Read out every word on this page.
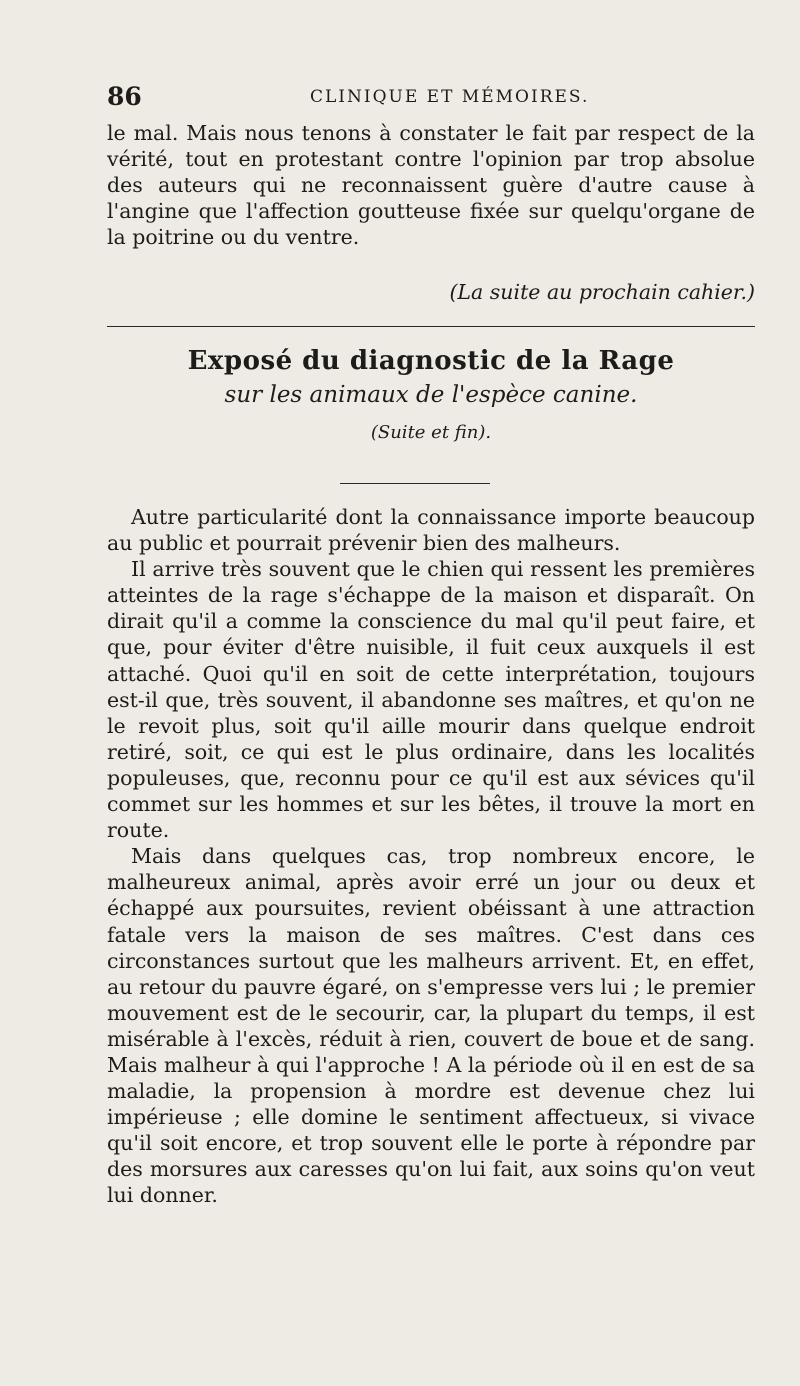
86	CLINIQUE ET MÉMOIRES.

le mal. Mais nous tenons à constater le fait par respect de la vérité, tout en protestant contre l'opinion par trop absolue des auteurs qui ne reconnaissent guère d'autre cause à l'angine que l'affection goutteuse fixée sur quelqu'organe de la poitrine ou du ventre.

(La suite au prochain cahier.)
Exposé du diagnostic de la Rage
sur les animaux de l'espèce canine.
(Suite et fin).

Autre particularité dont la connaissance importe beaucoup au public et pourrait prévenir bien des malheurs.

Il arrive très souvent que le chien qui ressent les premières atteintes de la rage s'échappe de la maison et disparaît. On dirait qu'il a comme la conscience du mal qu'il peut faire, et que, pour éviter d'être nuisible, il fuit ceux auxquels il est attaché. Quoi qu'il en soit de cette interprétation, toujours est-il que, très souvent, il abandonne ses maîtres, et qu'on ne le revoit plus, soit qu'il aille mourir dans quelque endroit retiré, soit, ce qui est le plus ordinaire, dans les localités populeuses, que, reconnu pour ce qu'il est aux sévices qu'il commet sur les hommes et sur les bêtes, il trouve la mort en route.

Mais dans quelques cas, trop nombreux encore, le malheureux animal, après avoir erré un jour ou deux et échappé aux poursuites, revient obéissant à une attraction fatale vers la maison de ses maîtres. C'est dans ces circonstances surtout que les malheurs arrivent. Et, en effet, au retour du pauvre égaré, on s'empresse vers lui ; le premier mouvement est de le secourir, car, la plupart du temps, il est misérable à l'excès, réduit à rien, couvert de boue et de sang. Mais malheur à qui l'approche ! A la période où il en est de sa maladie, la propension à mordre est devenue chez lui impérieuse ; elle domine le sentiment affectueux, si vivace qu'il soit encore, et trop souvent elle le porte à répondre par des morsures aux caresses qu'on lui fait, aux soins qu'on veut lui donner.
